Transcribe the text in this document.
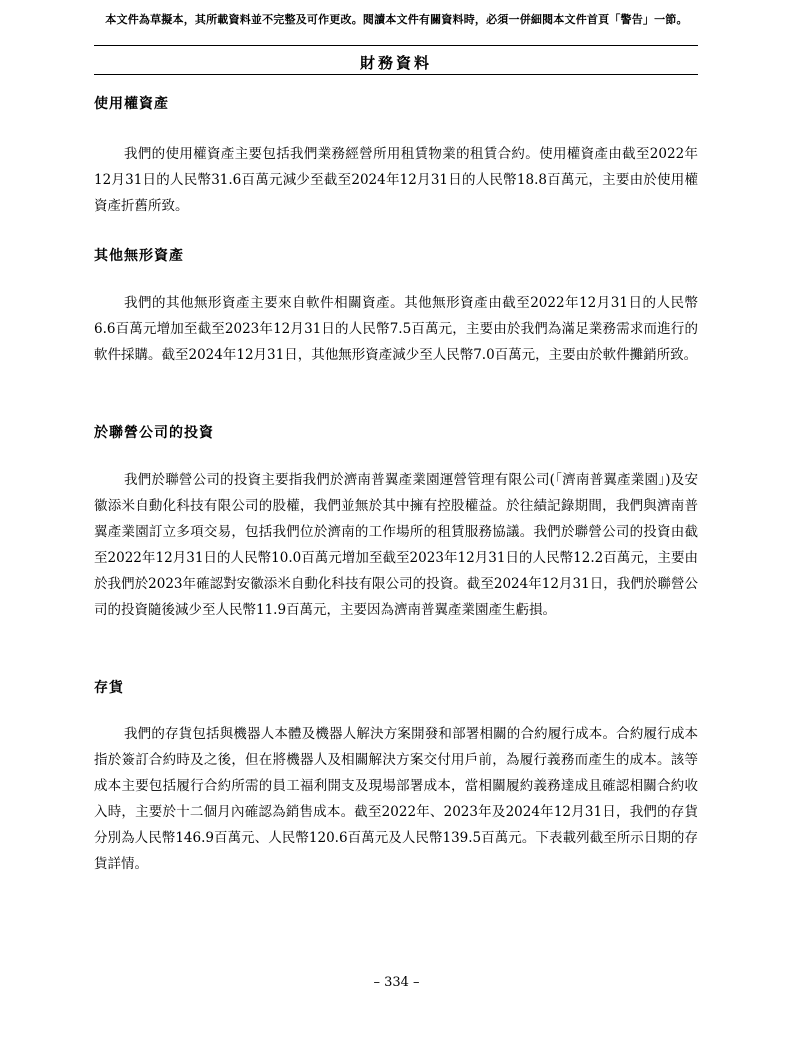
本文件為草擬本，其所載資料並不完整及可作更改。閱讀本文件有關資料時，必須一併細閱本文件首頁「警告」一節。
財務資料
使用權資產

我們的使用權資產主要包括我們業務經營所用租賃物業的租賃合約。使用權資產由截至2022年12月31日的人民幣31.6百萬元減少至截至2024年12月31日的人民幣18.8百萬元，主要由於使用權資產折舊所致。

其他無形資產

我們的其他無形資產主要來自軟件相關資產。其他無形資產由截至2022年12月31日的人民幣6.6百萬元增加至截至2023年12月31日的人民幣7.5百萬元，主要由於我們為滿足業務需求而進行的軟件採購。截至2024年12月31日，其他無形資產減少至人民幣7.0百萬元，主要由於軟件攤銷所致。

於聯營公司的投資

我們於聯營公司的投資主要指我們於濟南普翼產業園運營管理有限公司(「濟南普翼產業園」)及安徽添米自動化科技有限公司的股權，我們並無於其中擁有控股權益。於往績記錄期間，我們與濟南普翼產業園訂立多項交易，包括我們位於濟南的工作場所的租賃服務協議。我們於聯營公司的投資由截至2022年12月31日的人民幣10.0百萬元增加至截至2023年12月31日的人民幣12.2百萬元，主要由於我們於2023年確認對安徽添米自動化科技有限公司的投資。截至2024年12月31日，我們於聯營公司的投資隨後減少至人民幣11.9百萬元，主要因為濟南普翼產業園產生虧損。

存貨

我們的存貨包括與機器人本體及機器人解決方案開發和部署相關的合約履行成本。合約履行成本指於簽訂合約時及之後，但在將機器人及相關解決方案交付用戶前，為履行義務而產生的成本。該等成本主要包括履行合約所需的員工福利開支及現場部署成本，當相關履約義務達成且確認相關合約收入時，主要於十二個月內確認為銷售成本。截至2022年、2023年及2024年12月31日，我們的存貨分別為人民幣146.9百萬元、人民幣120.6百萬元及人民幣139.5百萬元。下表載列截至所示日期的存貨詳情。

– 334 –
